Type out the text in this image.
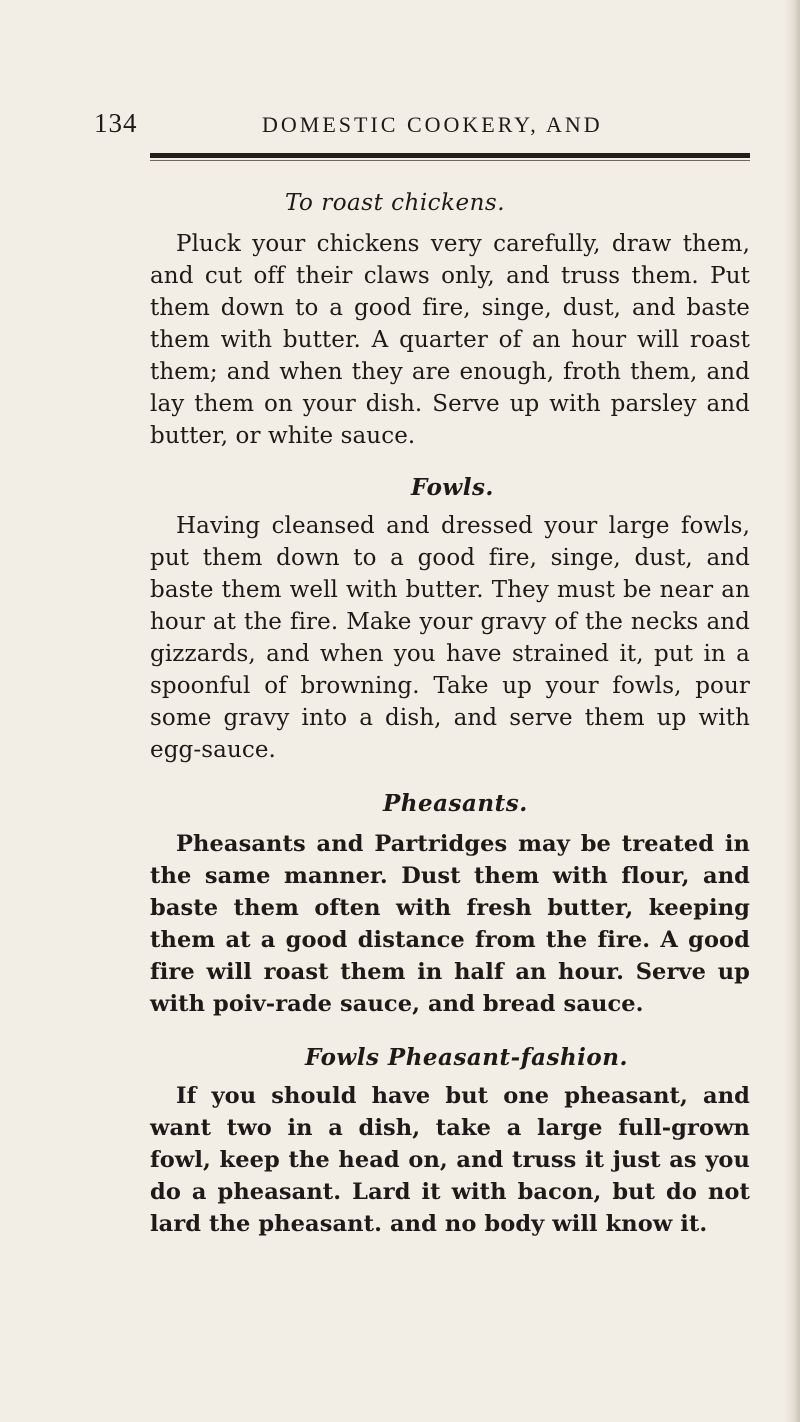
134	DOMESTIC COOKERY, AND
To roast chickens.
Pluck your chickens very carefully, draw them, and cut off their claws only, and truss them. Put them down to a good fire, singe, dust, and baste them with butter. A quarter of an hour will roast them; and when they are enough, froth them, and lay them on your dish. Serve up with parsley and butter, or white sauce.
Fowls.
Having cleansed and dressed your large fowls, put them down to a good fire, singe, dust, and baste them well with butter. They must be near an hour at the fire. Make your gravy of the necks and gizzards, and when you have strained it, put in a spoonful of browning. Take up your fowls, pour some gravy into a dish, and serve them up with egg-sauce.
Pheasants.
Pheasants and Partridges may be treated in the same manner. Dust them with flour, and baste them often with fresh butter, keeping them at a good distance from the fire. A good fire will roast them in half an hour. Serve up with poiv-rade sauce, and bread sauce.
Fowls Pheasant-fashion.
If you should have but one pheasant, and want two in a dish, take a large full-grown fowl, keep the head on, and truss it just as you do a pheasant. Lard it with bacon, but do not lard the pheasant. and no body will know it.
